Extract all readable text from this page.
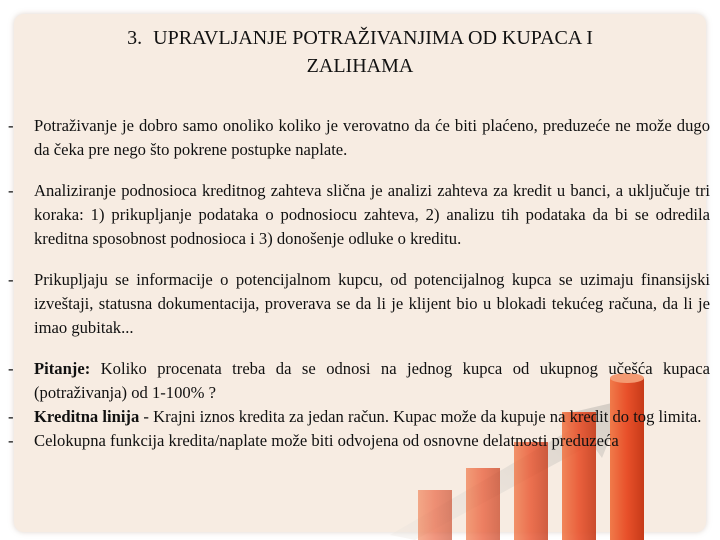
3. UPRAVLJANJE POTRAŽIVANJIMA OD KUPACA I
ZALIHAMA
- Potraživanje je dobro samo onoliko koliko je verovatno da će biti plaćeno, preduzeće ne može dugo da čeka pre nego što pokrene postupke naplate.
- Analiziranje podnosioca kreditnog zahteva slična je analizi zahteva za kredit u banci, a uključuje tri koraka: 1) prikupljanje podataka o podnosiocu zahteva, 2) analizu tih podataka da bi se odredila kreditna sposobnost podnosioca i 3) donošenje odluke o kreditu.
- Prikupljaju se informacije o potencijalnom kupcu, od potencijalnog kupca se uzimaju finansijski izveštaji, statusna dokumentacija, proverava se da li je klijent bio u blokadi tekućeg računa, da li je imao gubitak...
- Pitanje: Koliko procenata treba da se odnosi na jednog kupca od ukupnog učešća kupaca (potraživanja) od 1-100% ?
- Kreditna linija - Krajni iznos kredita za jedan račun. Kupac može da kupuje na kredit do tog limita.
- Celokupna funkcija kredita/naplate može biti odvojena od osnovne delatnosti preduzeća
